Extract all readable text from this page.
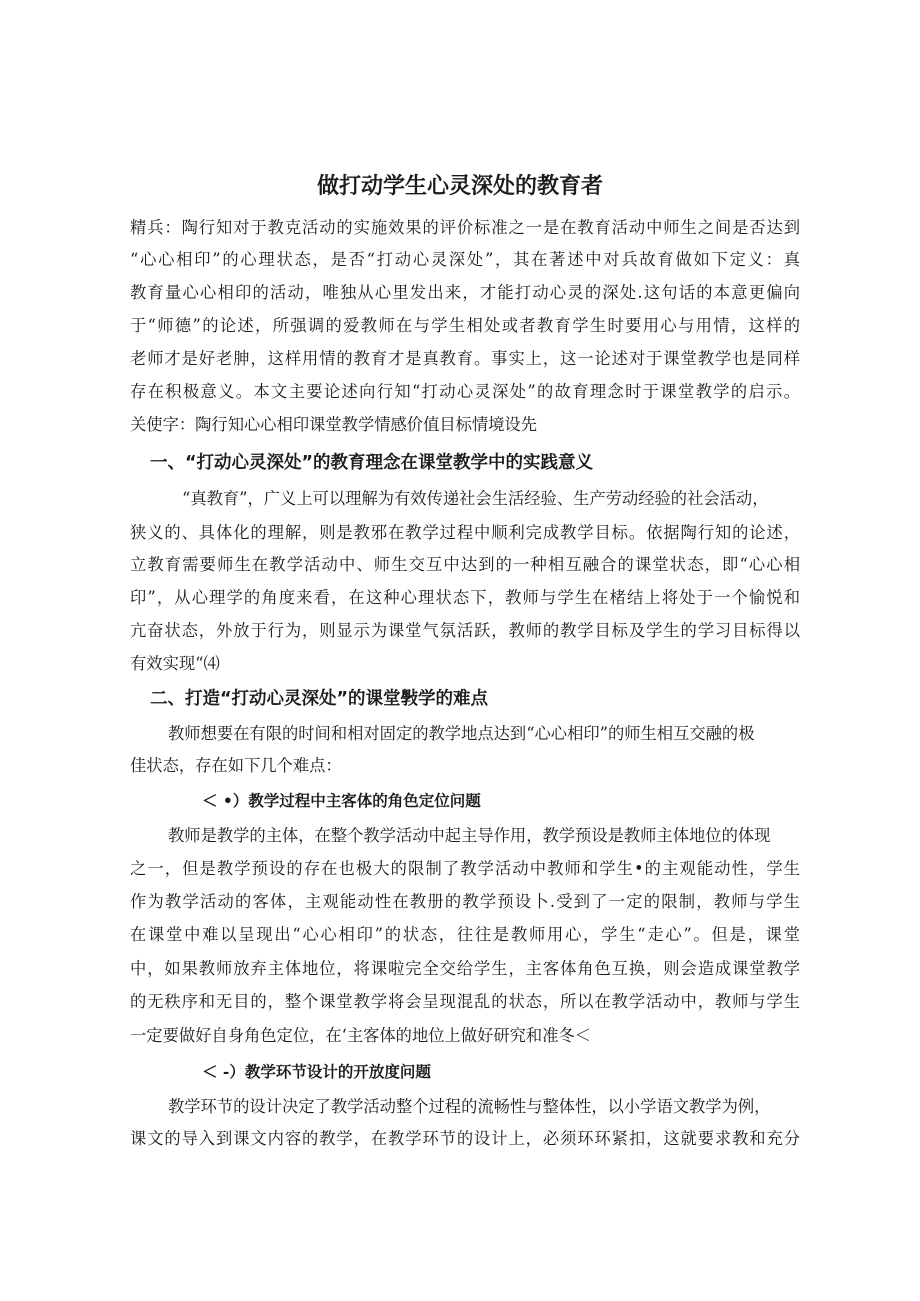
做打动学生心灵深处的教育者

精兵：陶行知对于教克活动的实施效果的评价标准之一是在教育活动中师生之间是否达到

“心心相印”的心理状态，是否“打动心灵深处”，其在著述中对兵故育做如下定义：真

教育量心心相印的活动，唯独从心里发出来，才能打动心灵的深处.这句话的本意更偏向

于“师德”的论述，所强调的爱教师在与学生相处或者教育学生时要用心与用情，这样的

老师才是好老胂，这样用情的教育才是真教育。事实上，这一论述对于课堂教学也是同样

存在积极意义。本文主要论述向行知“打动心灵深处”的故育理念时于课堂教学的启示。

关使字：陶行知心心相印课堂教学情感价值目标情境设先

一、“打动心灵深处”的教育理念在课堂教学中的实践意义

“真教育”，广义上可以理解为有效传递社会生活经验、生产劳动经验的社会活动，

狭义的、具体化的理解，则是教邪在教学过程中顺利完成教学目标。依据陶行知的论述，

立教育需要师生在教学活动中、师生交互中达到的一种相互融合的课堂状态，即“心心相

印”，从心理学的角度来看，在这种心理状态下，教师与学生在楮结上将处于一个愉悦和

亢奋状态，外放于行为，则显示为课堂气氛活跃，教师的教学目标及学生的学习目标得以

有效实现“⑷

二、打造“打动心灵深处”的课堂斅学的难点

教师想要在有限的时间和相对固定的教学地点达到“心心相印”的师生相互交融的极

佳状态，存在如下几个难点：

＜ •）教学过程中主客体的角色定位问题

教师是教学的主体，在整个教学活动中起主导作用，教学预设是教师主体地位的体现

之一，但是教学预设的存在也极大的限制了教学活动中教师和学生•的主观能动性，学生

作为教学活动的客体，主观能动性在教册的教学预设卜.受到了一定的限制，教师与学生

在课堂中难以呈现出“心心相印”的状态，往往是教师用心，学生“走心”。但是，课堂

中，如果教师放弃主体地位，将课啦完全交给学生，主客体角色互换，则会造成课堂教学

的无秩序和无目的，整个课堂教学将会呈现混乱的状态，所以在教学活动中，教师与学生

一定要做好自身角色定位，在‘主客体的地位上做好研究和准冬＜

＜ -）教学环节设计的开放度问题

教学环节的设计决定了教学活动整个过程的流畅性与整体性，以小学语文教学为例，

课文的导入到课文内容的教学，在教学环节的设计上，必须环环紧扣，这就要求教和充分
